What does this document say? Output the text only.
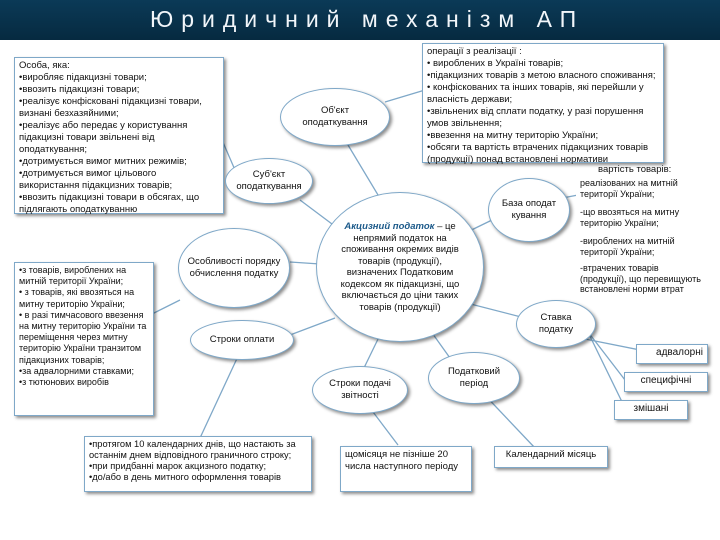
Юридичний механізм АП
Особа, яка:
•виробляє підакцизні товари;
•ввозить підакцизні товари;
•реалізує конфісковані підакцизні товари, визнані безхазяйними;
•реалізує або передає у користування підакцизні товари звільнені від оподаткування;
•дотримується вимог митних режимів;
•дотримується вимог цільового використання підакцизних товарів;
•ввозить підакцизні товари в обсягах, що підлягають оподаткуванню
операції з реалізації :
• вироблених в Україні товарів;
•підакцизних товарів з метою власного споживання;
• конфіскованих та інших товарів, які перейшли у власність держави;
•звільнених від сплати податку, у разі порушення умов звільнення;
•ввезення на митну територію України;
•обсяги та вартість втрачених підакцизних товарів (продукції) понад встановлені нормативи
•з товарів, вироблених на митній території України;
• з товарів, які ввозяться на митну територію України;
• в разі тимчасового ввезення на митну територію України та переміщення через митну територію України транзитом підакцизних товарів;
•за адвалорними ставками;
•з тютюнових виробів
вартість товарів:
реалізованих на митній території України;
-що ввозяться на митну територію України;
-вироблених на митній території України;
-втрачених товарів (продукції), що перевищують встановлені норми втрат
Об'єкт оподаткування
Суб'єкт оподаткування
Особливості порядку обчислення податку
База оподат кування
Ставка податку
Податковий період
Строки подачі звітності
Строки оплати
Акцизний податок – це непрямий податок на споживання окремих видів товарів (продукції), визначених Податковим кодексом як підакцизні, що включається до ціни таких товарів (продукції)
адвалорні
специфічні
змішані
•протягом 10 календарних днів, що настають за останнім днем відповідного граничного строку;
•при придбанні марок акцизного податку;
•до/або в день митного оформлення товарів
щомісяця не пізніше 20 числа наступного періоду
Календарний місяць
